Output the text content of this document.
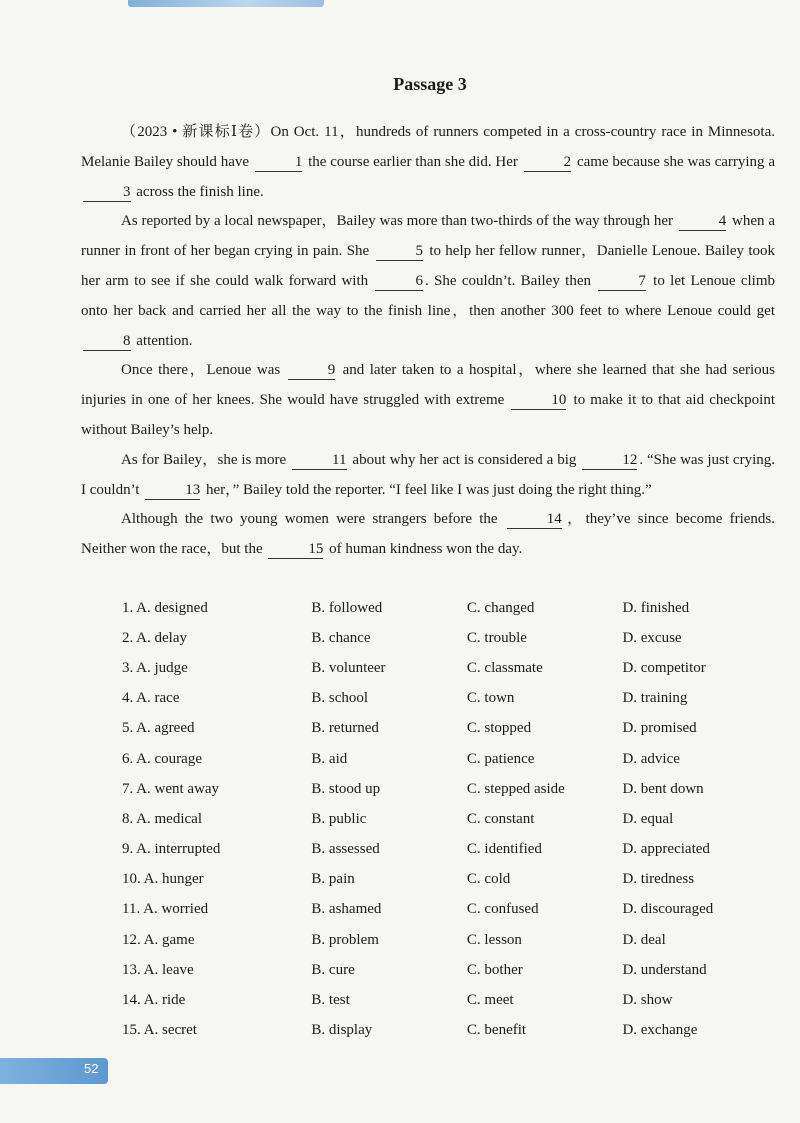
Passage 3

（2023 • 新课标Ⅰ卷）On Oct. 11，hundreds of runners competed in a cross-country race in Minnesota. Melanie Bailey should have	1 the course earlier than she did. Her	2 came because she was carrying a 3 across the finish line.

As reported by a local newspaper，Bailey was more than two-thirds of the way through her	4 when a runner in front of her began crying in pain. She	5 to help her fellow runner，Danielle Lenoue. Bailey took her arm to see if she could walk forward with	6 . She couldn’t. Bailey then	7 to let Lenoue climb onto her back and carried her all the way to the finish line，then another 300 feet to where Lenoue could get 8 attention.

Once there，Lenoue was	9 and later taken to a hospital，where she learned that she had serious injuries in one of her knees. She would have struggled with extreme	10 to make it to that aid checkpoint without Bailey’s help.

As for Bailey，she is more	11 about why her act is considered a big	12 . “She was just crying. I couldn’t	13 her，” Bailey told the reporter. “I feel like I was just doing the right thing.”

Although the two young women were strangers before the	14 ，they’ve since become friends. Neither won the race，but the	15 of human kindness won the day.

1. A. designed	B. followed	C. changed	D. finished
2. A. delay	B. chance	C. trouble	D. excuse
3. A. judge	B. volunteer	C. classmate	D. competitor
4. A. race	B. school	C. town	D. training
5. A. agreed	B. returned	C. stopped	D. promised
6. A. courage	B. aid	C. patience	D. advice
7. A. went away	B. stood up	C. stepped aside	D. bent down
8. A. medical	B. public	C. constant	D. equal
9. A. interrupted	B. assessed	C. identified	D. appreciated
10. A. hunger	B. pain	C. cold	D. tiredness
11. A. worried	B. ashamed	C. confused	D. discouraged
12. A. game	B. problem	C. lesson	D. deal
13. A. leave	B. cure	C. bother	D. understand
14. A. ride	B. test	C. meet	D. show
15. A. secret	B. display	C. benefit	D. exchange
52
